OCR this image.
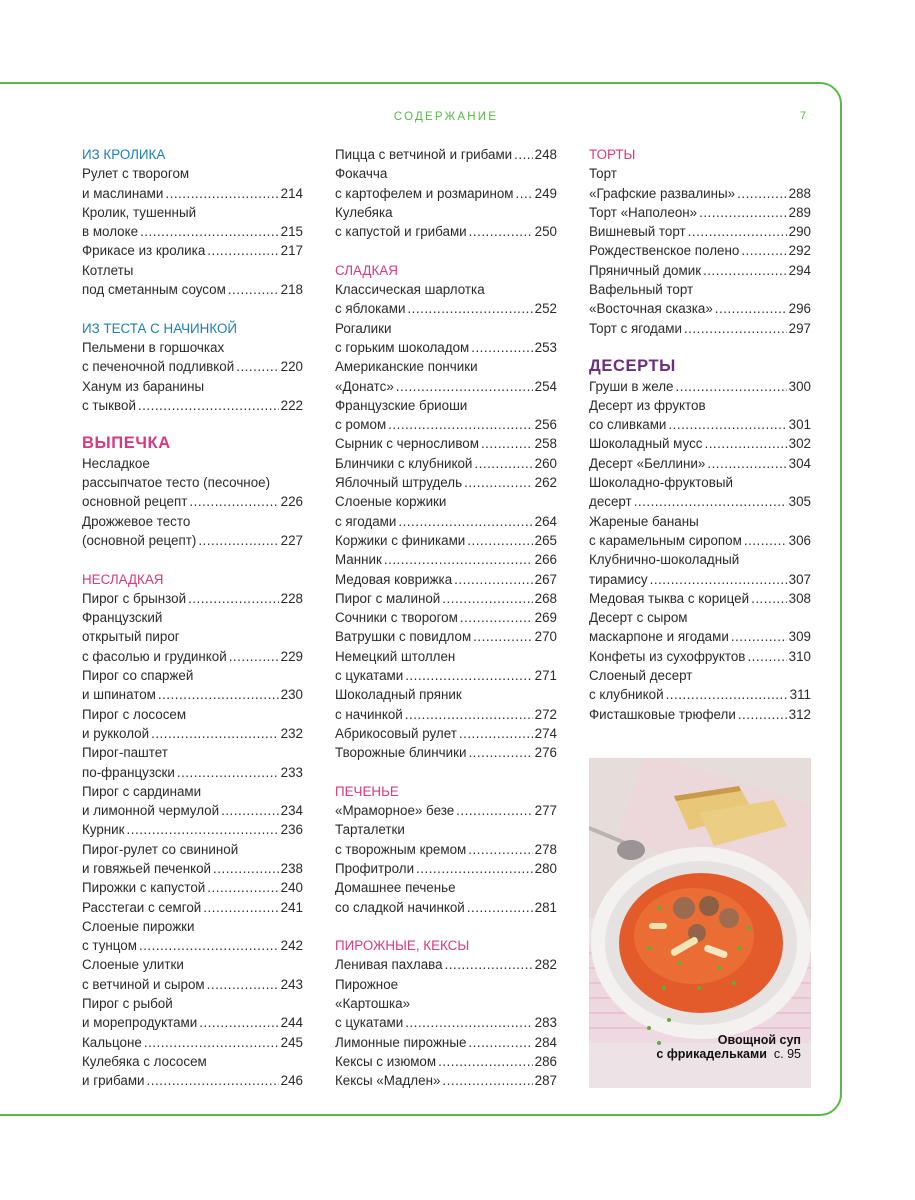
СОДЕРЖАНИЕ	7
ИЗ КРОЛИКА
Рулет с творогом
и маслинами .....	214
Кролик, тушенный
в молоке .....	215
Фрикасе из кролика .....	217
Котлеты
под сметанным соусом .....	218
ИЗ ТЕСТА С НАЧИНКОЙ
Пельмени в горшочках
с печеночной подливкой .....	220
Ханум из баранины
с тыквой .....	222
ВЫПЕЧКА
Несладкое
рассыпчатое тесто (песочное)
основной рецепт .....	226
Дрожжевое тесто
(основной рецепт) .....	227
НЕСЛАДКАЯ
Пирог с брынзой .....	228
Французский
открытый пирог
с фасолью и грудинкой .....	229
Пирог со спаржей
и шпинатом .....	230
Пирог с лососем
и рукколой .....	232
Пирог-паштет
по-французски .....	233
Пирог с сардинами
и лимонной чермулой .....	234
Курник .....	236
Пирог-рулет со свининой
и говяжьей печенкой .....	238
Пирожки с капустой .....	240
Расстегаи с семгой .....	241
Слоеные пирожки
с тунцом .....	242
Слоеные улитки
с ветчиной и сыром .....	243
Пирог с рыбой
и морепродуктами .....	244
Кальцоне .....	245
Кулебяка с лососем
и грибами .....	246
Пицца с ветчиной и грибами ..... 248
Фокачча
с картофелем и розмарином ..... 249
Кулебяка
с капустой и грибами .....	250
СЛАДКАЯ
Классическая шарлотка
с яблоками .....	252
Рогалики
с горьким шоколадом .....	253
Американские пончики
«Донатс» .....	254
Французские бриоши
с ромом .....	256
Сырник с черносливом .....	258
Блинчики с клубникой .....	260
Яблочный штрудель .....	262
Слоеные коржики
с ягодами .....	264
Коржики с финиками .....	265
Манник .....	266
Медовая коврижка .....	267
Пирог с малиной .....	268
Сочники с творогом .....	269
Ватрушки с повидлом .....	270
Немецкий штоллен
с цукатами .....	271
Шоколадный пряник
с начинкой .....	272
Абрикосовый рулет .....	274
Творожные блинчики .....	276
ПЕЧЕНЬЕ
«Мраморное» безе .....	277
Тарталетки
с творожным кремом .....	278
Профитроли .....	280
Домашнее печенье
со сладкой начинкой .....	281
ПИРОЖНЫЕ, КЕКСЫ
Ленивая пахлава .....	282
Пирожное
«Картошка»
с цукатами .....	283
Лимонные пирожные .....	284
Кексы с изюмом .....	286
Кексы «Мадлен» .....	287
ТОРТЫ
Торт
«Графские развалины» .....	288
Торт «Наполеон» .....	289
Вишневый торт .....	290
Рождественское полено .....	292
Пряничный домик .....	294
Вафельный торт
«Восточная сказка» .....	296
Торт с ягодами .....	297
ДЕСЕРТЫ
Груши в желе .....	300
Десерт из фруктов
со сливками .....	301
Шоколадный мусс .....	302
Десерт «Беллини» .....	304
Шоколадно-фруктовый
десерт .....	305
Жареные бананы
с карамельным сиропом .....	306
Клубнично-шоколадный
тирамису .....	307
Медовая тыква с корицей .....	308
Десерт с сыром
маскарпоне и ягодами .....	309
Конфеты из сухофруктов .....	310
Слоеный десерт
с клубникой .....	311
Фисташковые трюфели .....	312
Овощной суп
с фрикадельками с. 95
